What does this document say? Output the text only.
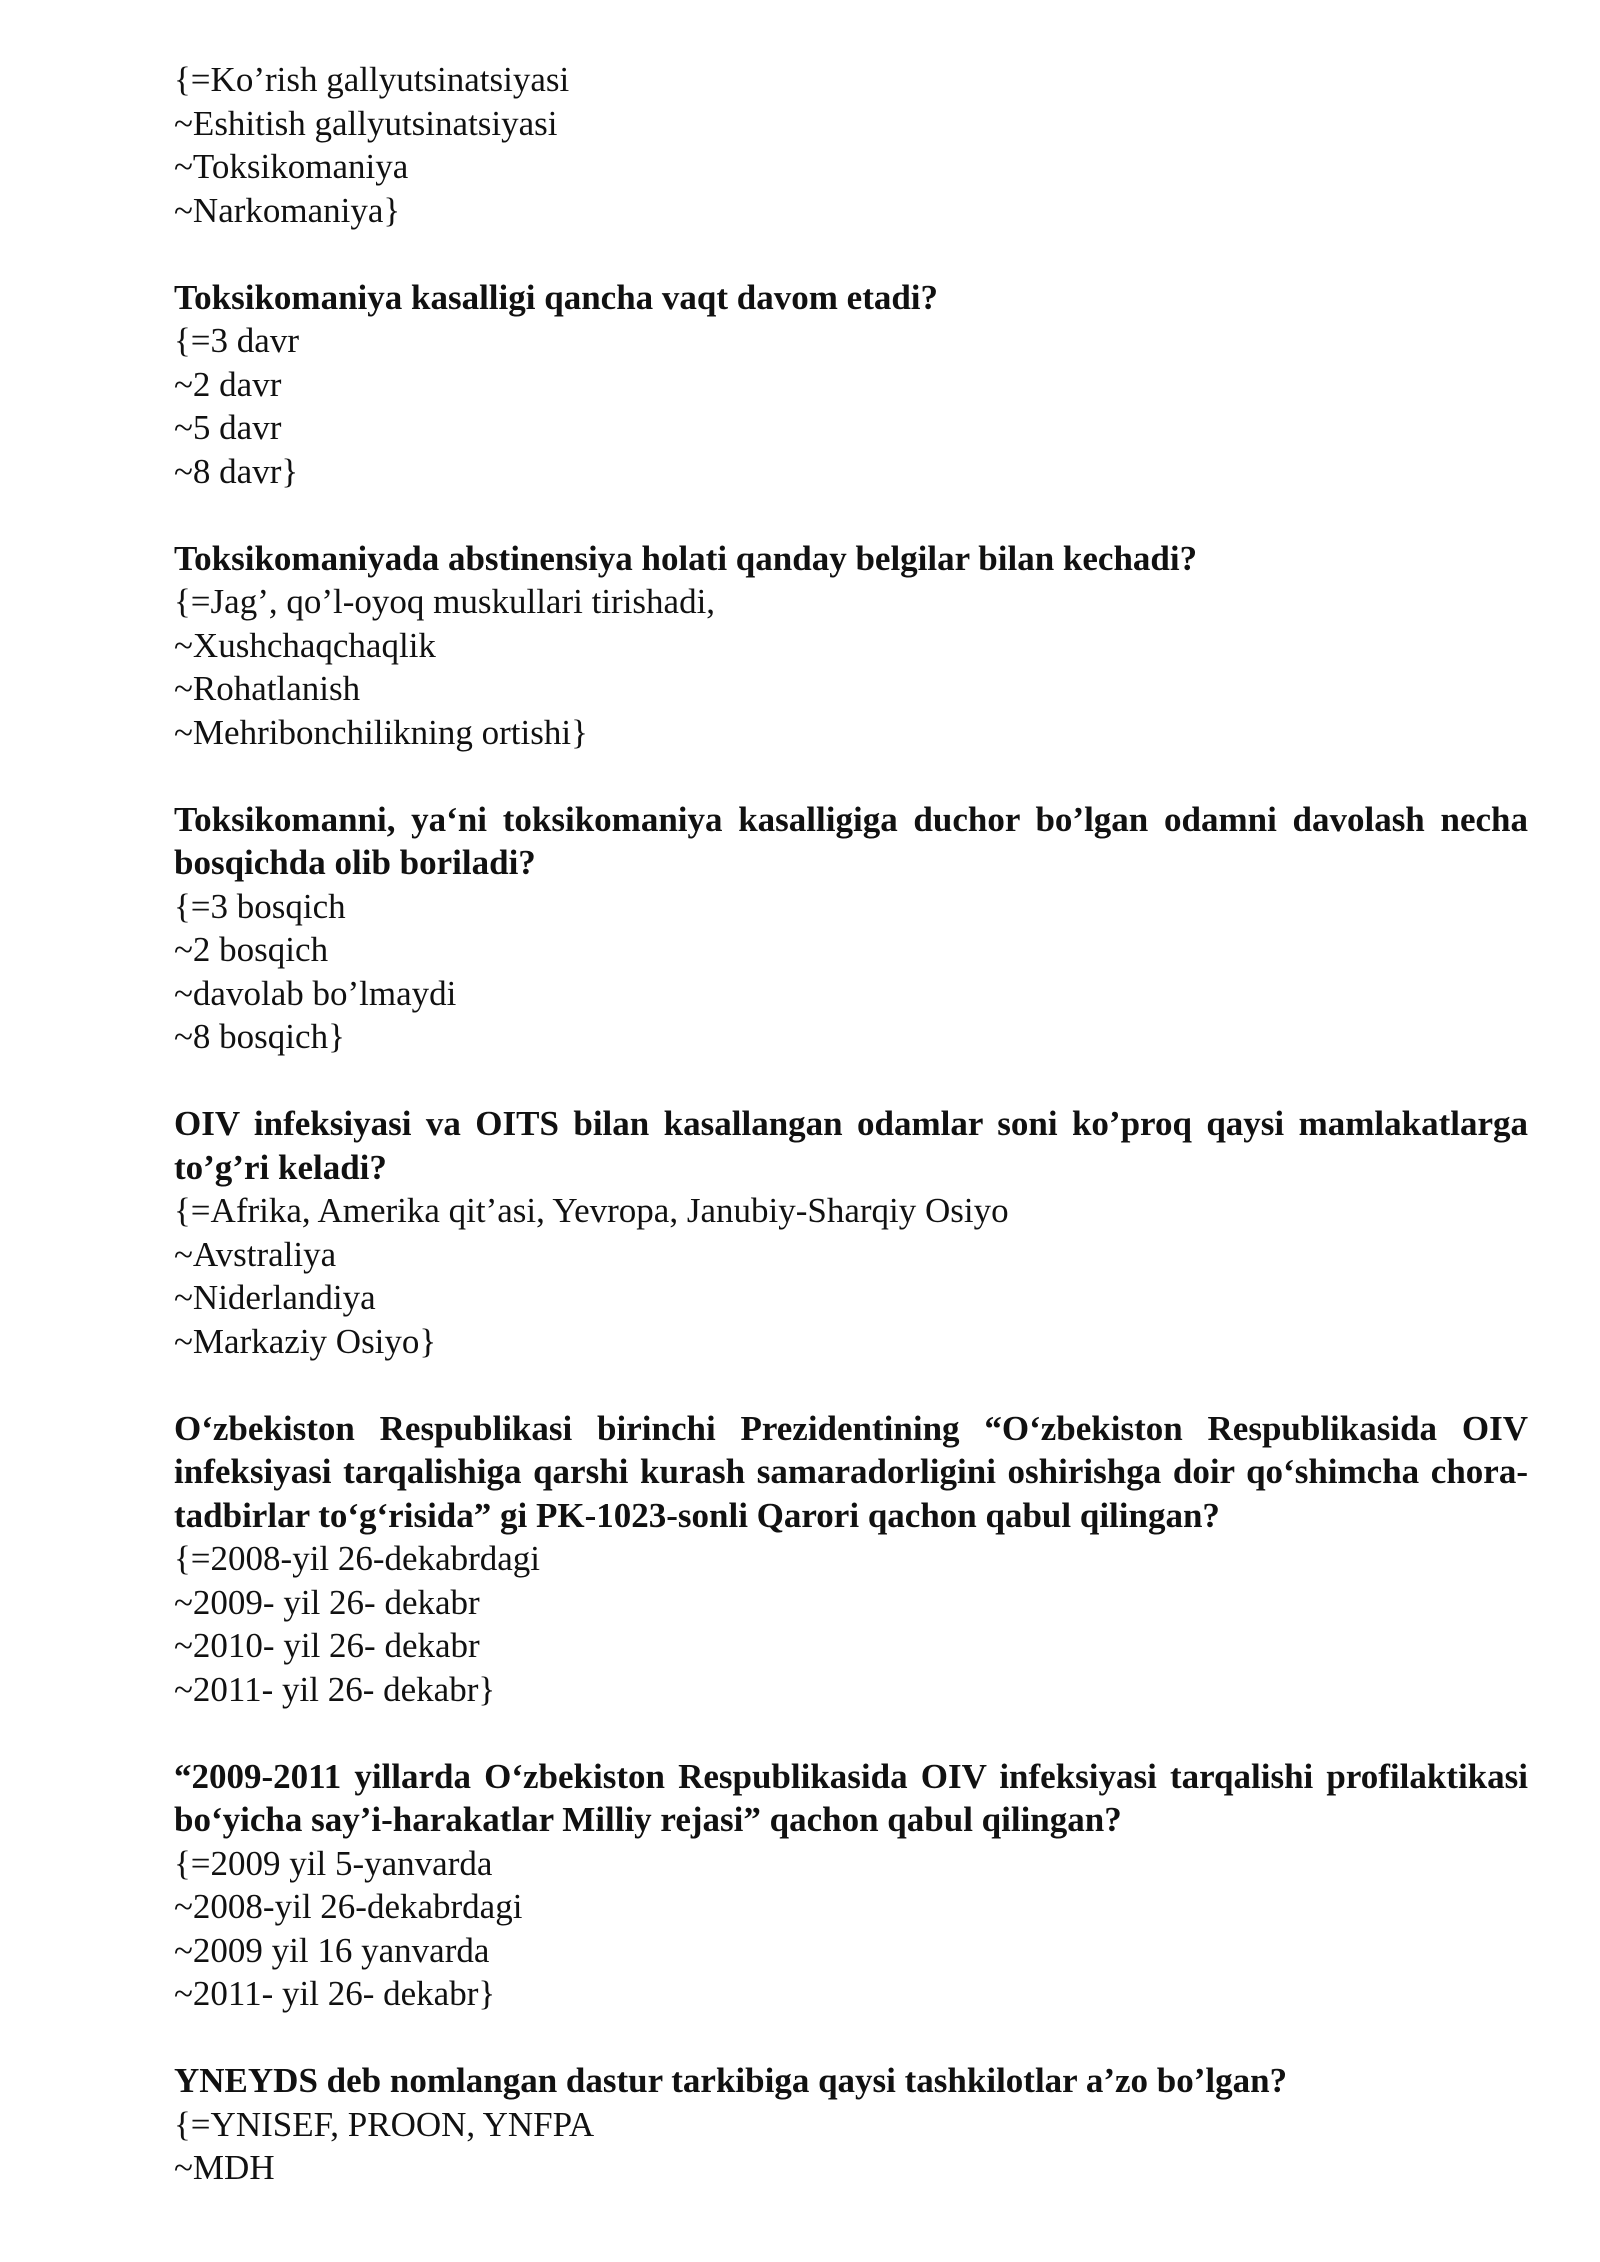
{=Ko’rish gallyutsinatsiyasi

~Eshitish gallyutsinatsiyasi

~Toksikomaniya

~Narkomaniya}

Toksikomaniya kasalligi qancha vaqt davom etadi?

{=3 davr

~2 davr

~5 davr

~8 davr}

Toksikomaniyada abstinensiya holati qanday belgilar bilan kechadi?

{=Jag’, qo’l-oyoq muskullari tirishadi,

~Xushchaqchaqlik

~Rohatlanish

~Mehribonchilikning ortishi}

Toksikomanni, ya‘ni toksikomaniya kasalligiga duchor bo’lgan odamni davolash necha bosqichda olib boriladi?

{=3 bosqich

~2 bosqich

~davolab bo’lmaydi

~8 bosqich}

OIV infeksiyasi va OITS bilan kasallangan odamlar soni ko’proq qaysi mamlakatlarga to’g’ri keladi?

{=Afrika, Amerika qit’asi, Yevropa, Janubiy-Sharqiy Osiyo

~Avstraliya

~Niderlandiya

~Markaziy Osiyo}

O‘zbekiston Respublikasi birinchi Prezidentining “O‘zbekiston Respublikasida OIV infeksiyasi tarqalishiga qarshi kurash samaradorligini oshirishga doir qo‘shimcha chora-tadbirlar to‘g‘risida” gi PK-1023-sonli Qarori qachon qabul qilingan?

{=2008-yil 26-dekabrdagi

~2009- yil 26- dekabr

~2010- yil 26- dekabr

~2011- yil 26- dekabr}

“2009-2011 yillarda O‘zbekiston Respublikasida OIV infeksiyasi tarqalishi profilaktikasi bo‘yicha say’i-harakatlar Milliy rejasi” qachon qabul qilingan?

{=2009 yil 5-yanvarda

~2008-yil 26-dekabrdagi

~2009 yil 16 yanvarda

~2011- yil 26- dekabr}

YNEYDS deb nomlangan dastur tarkibiga qaysi tashkilotlar a’zo bo’lgan?

{=YNISEF, PROON, YNFPA

~MDH
